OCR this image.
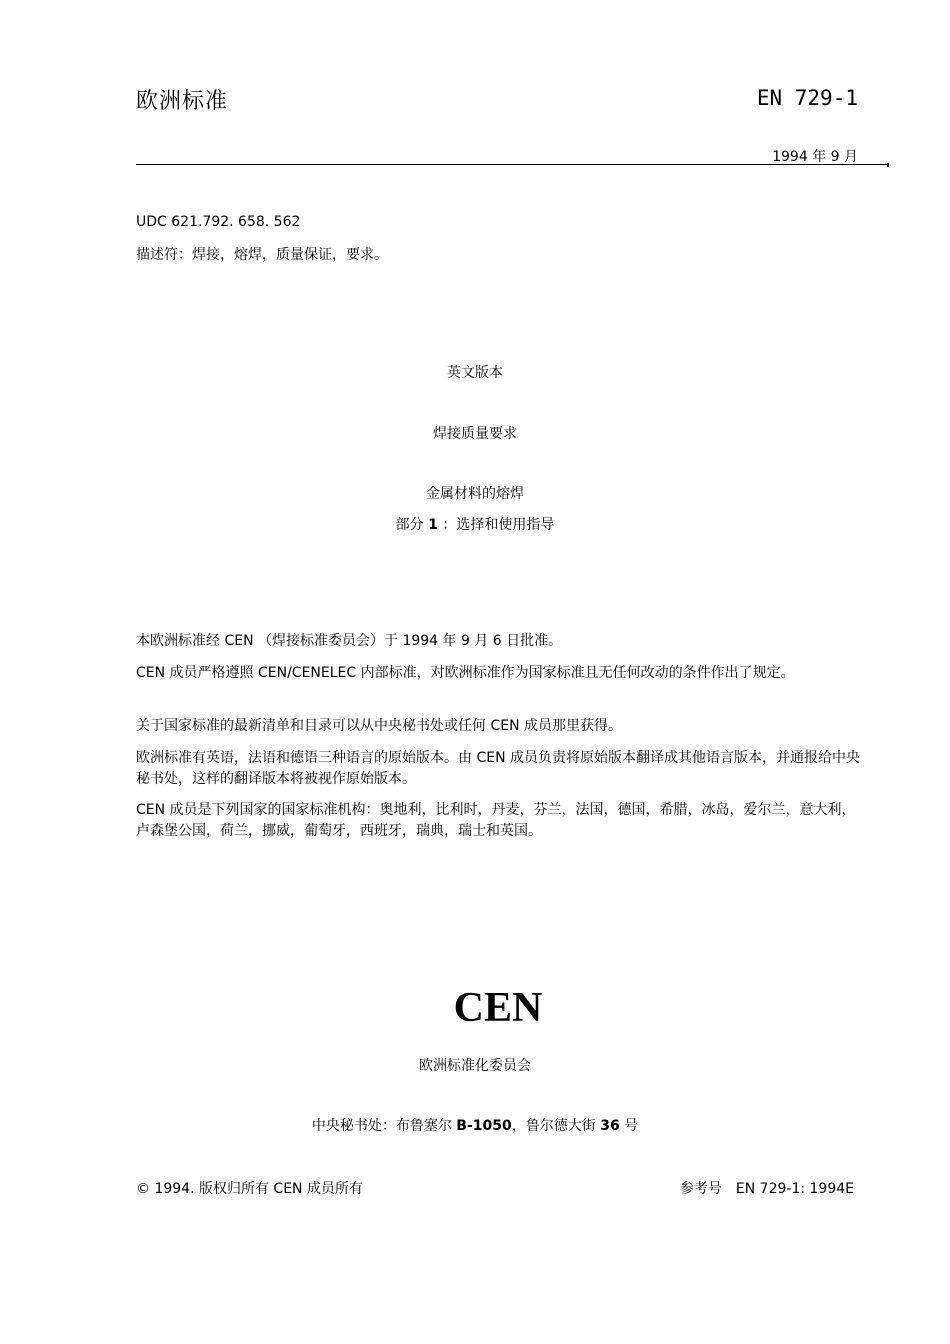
欧洲标准	EN 729-1
1994 年 9 月
UDC 621.792. 658. 562
描述符：焊接，熔焊，质量保证，要求。
英文版本
焊接质量要求
金属材料的熔焊
部分 1 ：选择和使用指导
本欧洲标准经 CEN （焊接标准委员会）于 1994 年 9 月 6 日批准。
CEN 成员严格遵照 CEN/CENELEC 内部标准，对欧洲标准作为国家标准且无任何改动的条件作出了规定。
关于国家标准的最新清单和目录可以从中央秘书处或任何 CEN 成员那里获得。
欧洲标准有英语，法语和德语三种语言的原始版本。由 CEN 成员负责将原始版本翻译成其他语言版本，并通报给中央秘书处，这样的翻译版本将被视作原始版本。
CEN 成员是下列国家的国家标准机构：奥地利，比利时，丹麦，芬兰，法国，德国，希腊，冰岛，爱尔兰，意大利，卢森堡公国，荷兰，挪威，葡萄牙，西班牙，瑞典，瑞士和英国。
CEN
欧洲标准化委员会
中央秘书处：布鲁塞尔 B-1050，鲁尔德大街 36 号
© 1994. 版权归所有 CEN 成员所有	参考号　EN 729-1: 1994E
